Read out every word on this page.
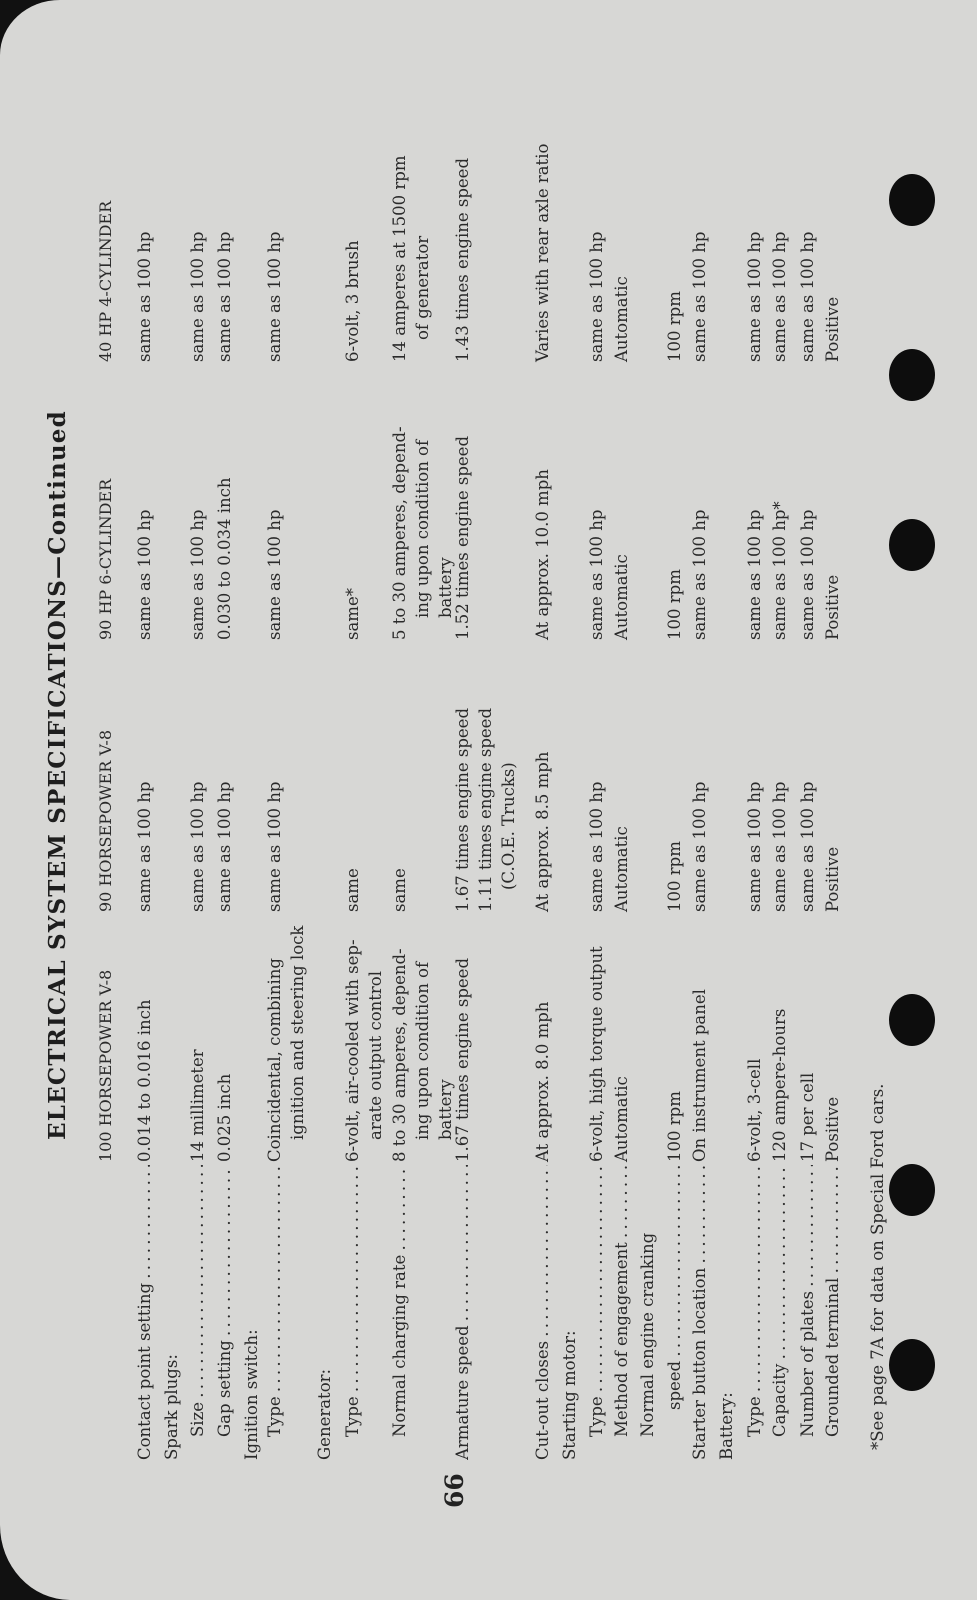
ELECTRICAL SYSTEM SPECIFICATIONS—Continued 100 HORSEPOWER V-8
90 HORSEPOWER V-8
90 HP 6-CYLINDER
40 HP 4-CYLINDER
Contact point setting . . .
0.014 to 0.016 inch
same as 100 hp
same as 100 hp
same as 100 hp
Spark plugs: Size . . .
14 millimeter
same as 100 hp
same as 100 hp
same as 100 hp
Gap setting . . .
0.025 inch
same as 100 hp
0.030 to 0.034 inch
same as 100 hp
Ignition switch: Type . . .
Coincidental, combining ignition and steering lock
same as 100 hp
same as 100 hp
same as 100 hp
Generator: Type . . .
6-volt, air-cooled with sep- arate output control
same
same*
6-volt, 3 brush
Normal charging rate . . .
8 to 30 amperes, depend- ing upon condition of battery
same
5 to 30 amperes, depend- ing upon condition of battery
14 amperes at 1500 rpm of generator
Armature speed . . .
1.67 times engine speed
1.67 times engine speed 1.11 times engine speed (C.O.E. Trucks)
1.52 times engine speed
1.43 times engine speed
Cut-out closes . . .
At approx. 8.0 mph
At approx. 8.5 mph
At approx. 10.0 mph
Varies with rear axle ratio
Starting motor: Type . . .
6-volt, high torque output
same as 100 hp
same as 100 hp
same as 100 hp
Method of engagement . . .
Automatic
Automatic
Automatic
Automatic
Normal engine cranking speed . . .
100 rpm
100 rpm
100 rpm
100 rpm
Starter button location . . .
On instrument panel
same as 100 hp
same as 100 hp
same as 100 hp
Battery: Type . . .
6-volt, 3-cell
same as 100 hp
same as 100 hp
same as 100 hp
Capacity . . .
120 ampere-hours
same as 100 hp
same as 100 hp*
same as 100 hp
Number of plates . . .
17 per cell
same as 100 hp
same as 100 hp
same as 100 hp
Grounded terminal . . .
Positive
Positive
Positive
Positive
*See page 7A for data on Special Ford cars.
66
